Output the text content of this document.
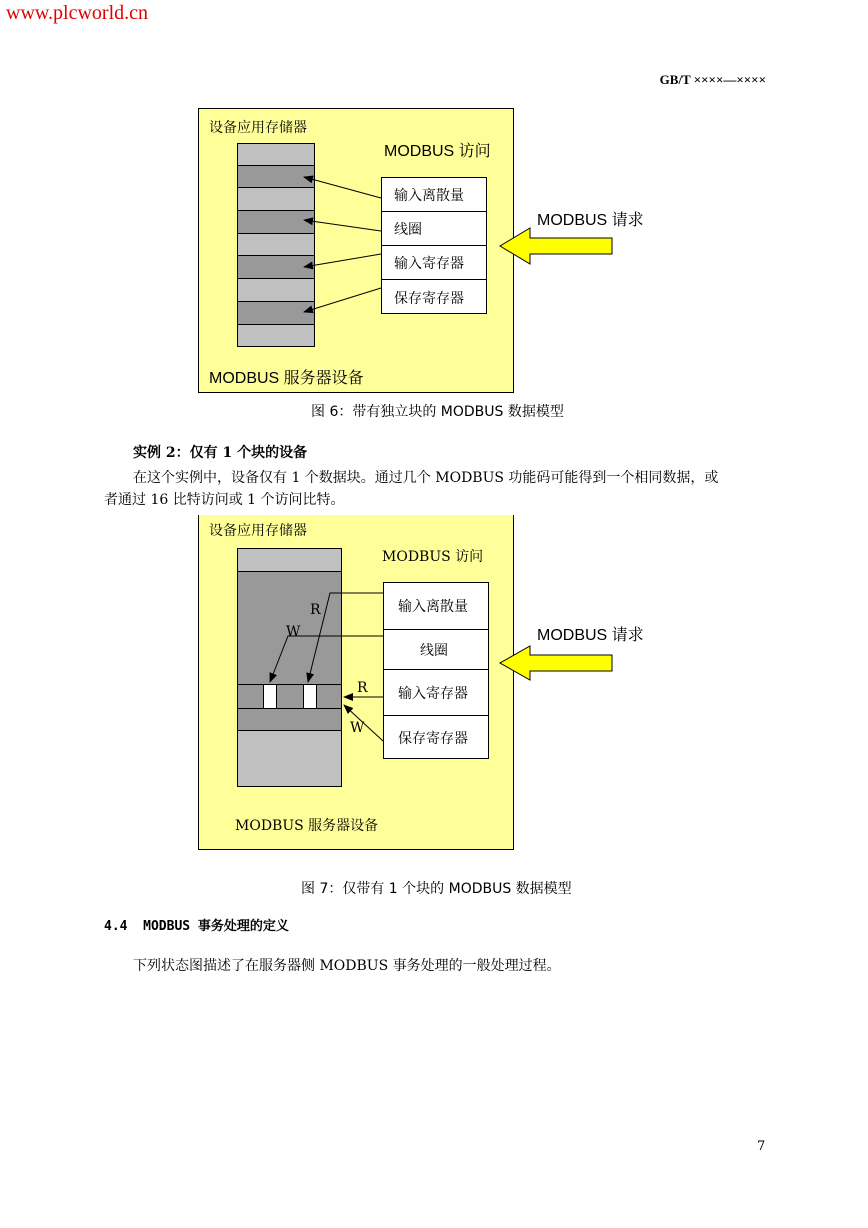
www.plcworld.cn
GB/T ××××—××××
设备应用存储器
MODBUS 访问
MODBUS 请求
MODBUS 服务器设备
输入离散量
线圈
输入寄存器
保存寄存器
图 6：带有独立块的 MODBUS 数据模型
实例 2：仅有 1 个块的设备
在这个实例中，设备仅有 1 个数据块。通过几个 MODBUS 功能码可能得到一个相同数据，或
者通过 16 比特访问或 1 个访问比特。
设备应用存储器
MODBUS 访问
MODBUS 请求
MODBUS 服务器设备
输入离散量
线圈
输入寄存器
保存寄存器
R
W
R
W
图 7：仅带有 1 个块的 MODBUS 数据模型
4.4  MODBUS 事务处理的定义
下列状态图描述了在服务器侧 MODBUS 事务处理的一般处理过程。
7
